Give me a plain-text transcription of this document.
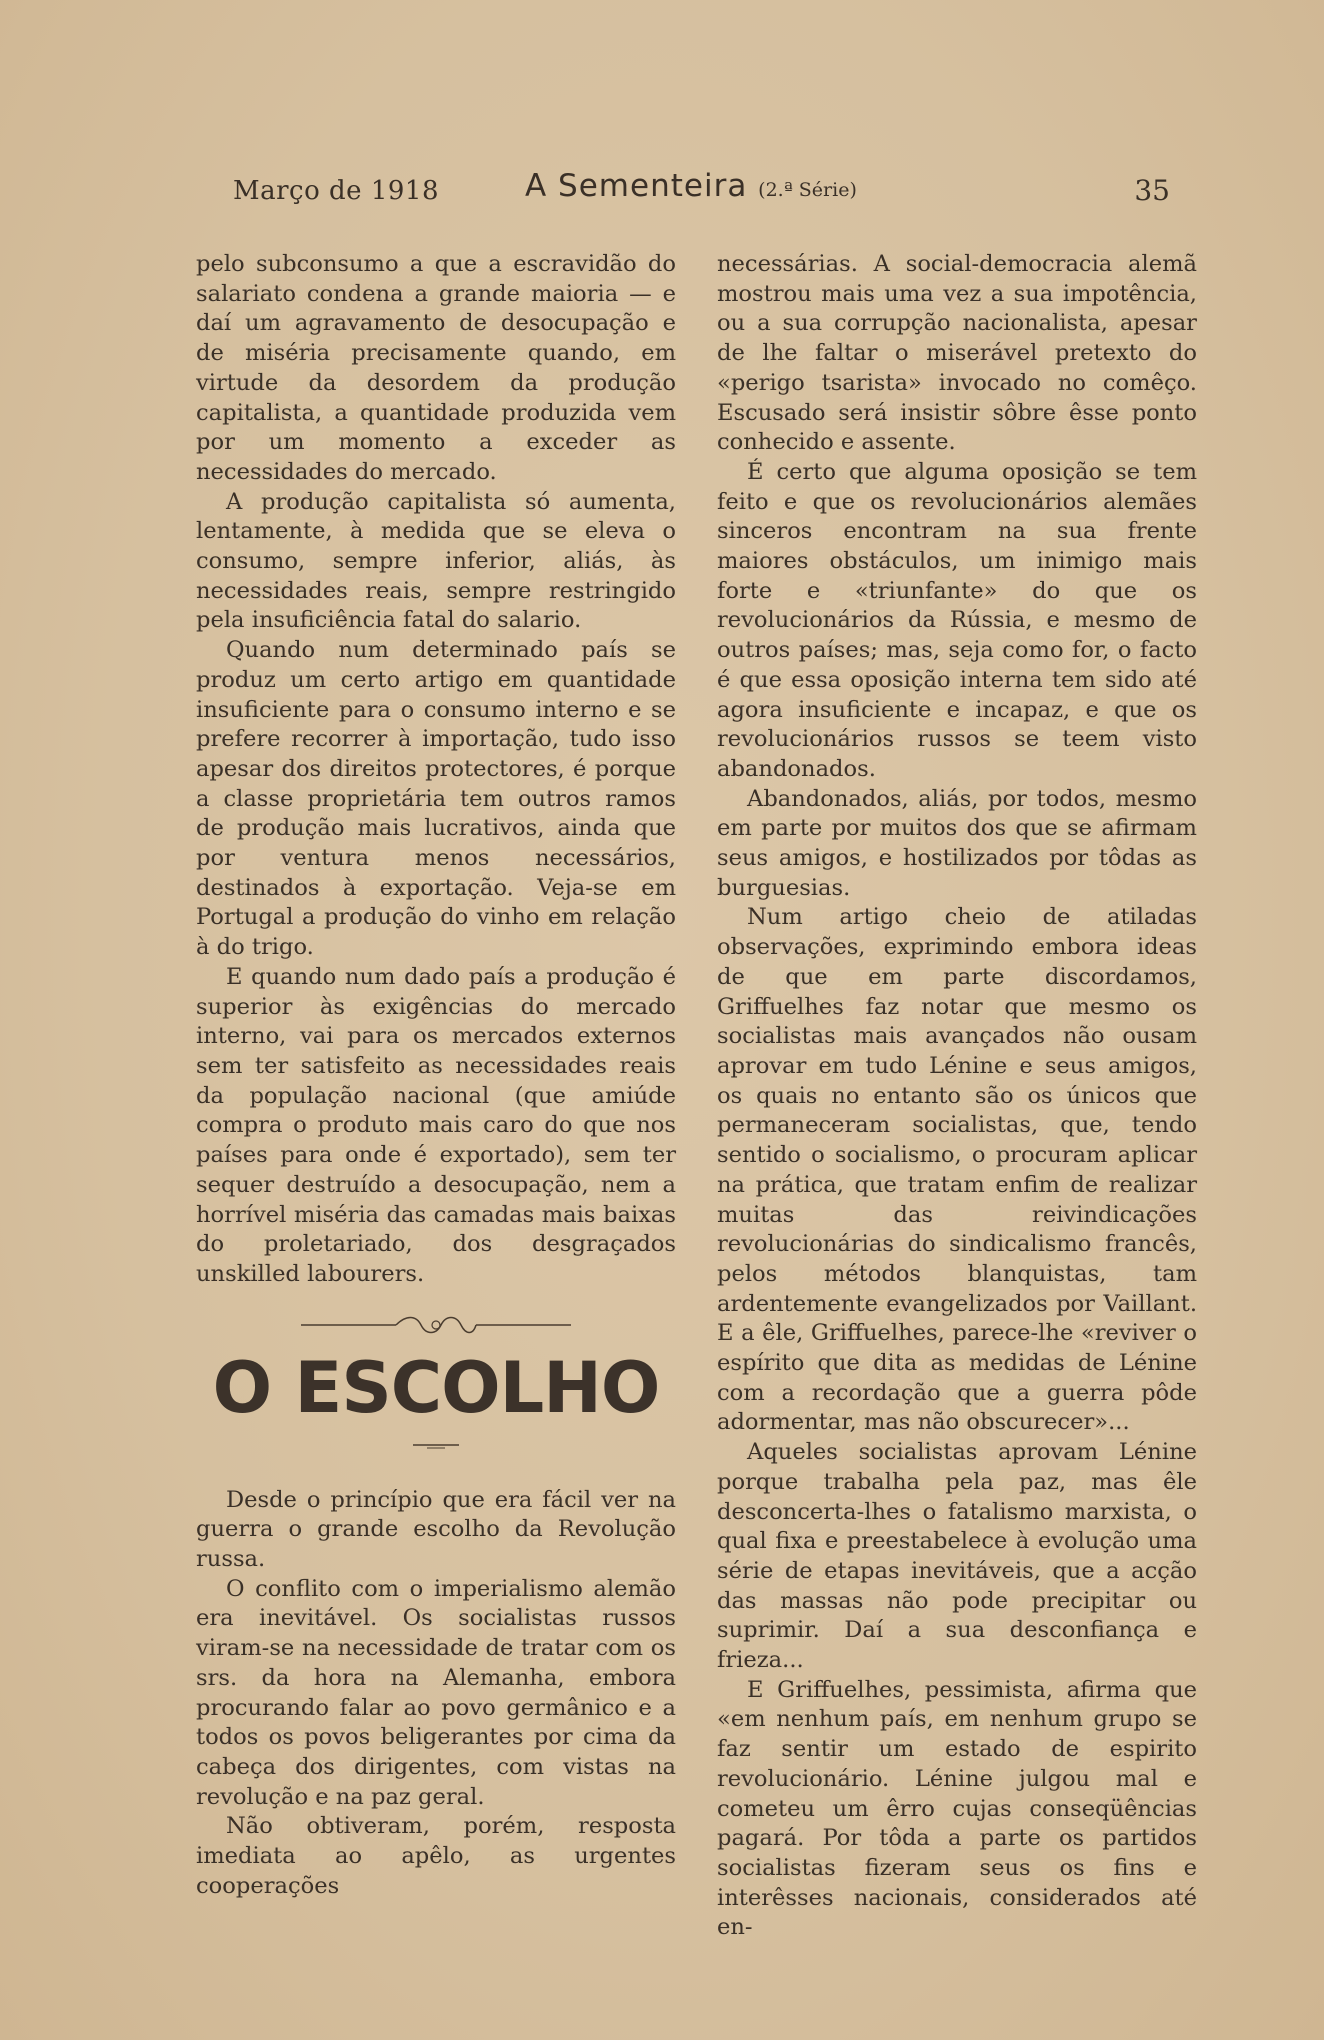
Março de 1918	A Sementeira (2.ª Série)	35

pelo subconsumo a que a escravidão do salariato condena a grande maioria — e daí um agravamento de desocupação e de miséria precisamente quando, em virtude da desordem da produção capitalista, a quantidade produzida vem por um momento a exceder as necessidades do mercado.

A produção capitalista só aumenta, lentamente, à medida que se eleva o consumo, sempre inferior, aliás, às necessidades reais, sempre restringido pela insuficiência fatal do salario.

Quando num determinado país se produz um certo artigo em quantidade insuficiente para o consumo interno e se prefere recorrer à importação, tudo isso apesar dos direitos protectores, é porque a classe proprietária tem outros ramos de produção mais lucrativos, ainda que por ventura menos necessários, destinados à exportação. Veja-se em Portugal a produção do vinho em relação à do trigo.

E quando num dado país a produção é superior às exigências do mercado interno, vai para os mercados externos sem ter satisfeito as necessidades reais da população nacional (que amiúde compra o produto mais caro do que nos países para onde é exportado), sem ter sequer destruído a desocupação, nem a horrível miséria das camadas mais baixas do proletariado, dos desgraçados unskilled labourers.

O ESCOLHO

Desde o princípio que era fácil ver na guerra o grande escolho da Revolução russa.

O conflito com o imperialismo alemão era inevitável. Os socialistas russos viram-se na necessidade de tratar com os srs. da hora na Alemanha, embora procurando falar ao povo germânico e a todos os povos beligerantes por cima da cabeça dos dirigentes, com vistas na revolução e na paz geral.

Não obtiveram, porém, resposta imediata ao apêlo, as urgentes cooperações

necessárias. A social-democracia alemã mostrou mais uma vez a sua impotência, ou a sua corrupção nacionalista, apesar de lhe faltar o miserável pretexto do «perigo tsarista» invocado no comêço. Escusado será insistir sôbre êsse ponto conhecido e assente.

É certo que alguma oposição se tem feito e que os revolucionários alemães sinceros encontram na sua frente maiores obstáculos, um inimigo mais forte e «triunfante» do que os revolucionários da Rússia, e mesmo de outros países; mas, seja como for, o facto é que essa oposição interna tem sido até agora insuficiente e incapaz, e que os revolucionários russos se teem visto abandonados.

Abandonados, aliás, por todos, mesmo em parte por muitos dos que se afirmam seus amigos, e hostilizados por tôdas as burguesias.

Num artigo cheio de atiladas observações, exprimindo embora ideas de que em parte discordamos, Griffuelhes faz notar que mesmo os socialistas mais avançados não ousam aprovar em tudo Lénine e seus amigos, os quais no entanto são os únicos que permaneceram socialistas, que, tendo sentido o socialismo, o procuram aplicar na prática, que tratam enfim de realizar muitas das reivindicações revolucionárias do sindicalismo francês, pelos métodos blanquistas, tam ardentemente evangelizados por Vaillant. E a êle, Griffuelhes, parece-lhe «reviver o espírito que dita as medidas de Lénine com a recordação que a guerra pôde adormentar, mas não obscurecer»...

Aqueles socialistas aprovam Lénine porque trabalha pela paz, mas êle desconcerta-lhes o fatalismo marxista, o qual fixa e preestabelece à evolução uma série de etapas inevitáveis, que a acção das massas não pode precipitar ou suprimir. Daí a sua desconfiança e frieza...

E Griffuelhes, pessimista, afirma que «em nenhum país, em nenhum grupo se faz sentir um estado de espirito revolucionário. Lénine julgou mal e cometeu um êrro cujas conseqüências pagará. Por tôda a parte os partidos socialistas fizeram seus os fins e interêsses nacionais, considerados até en-
